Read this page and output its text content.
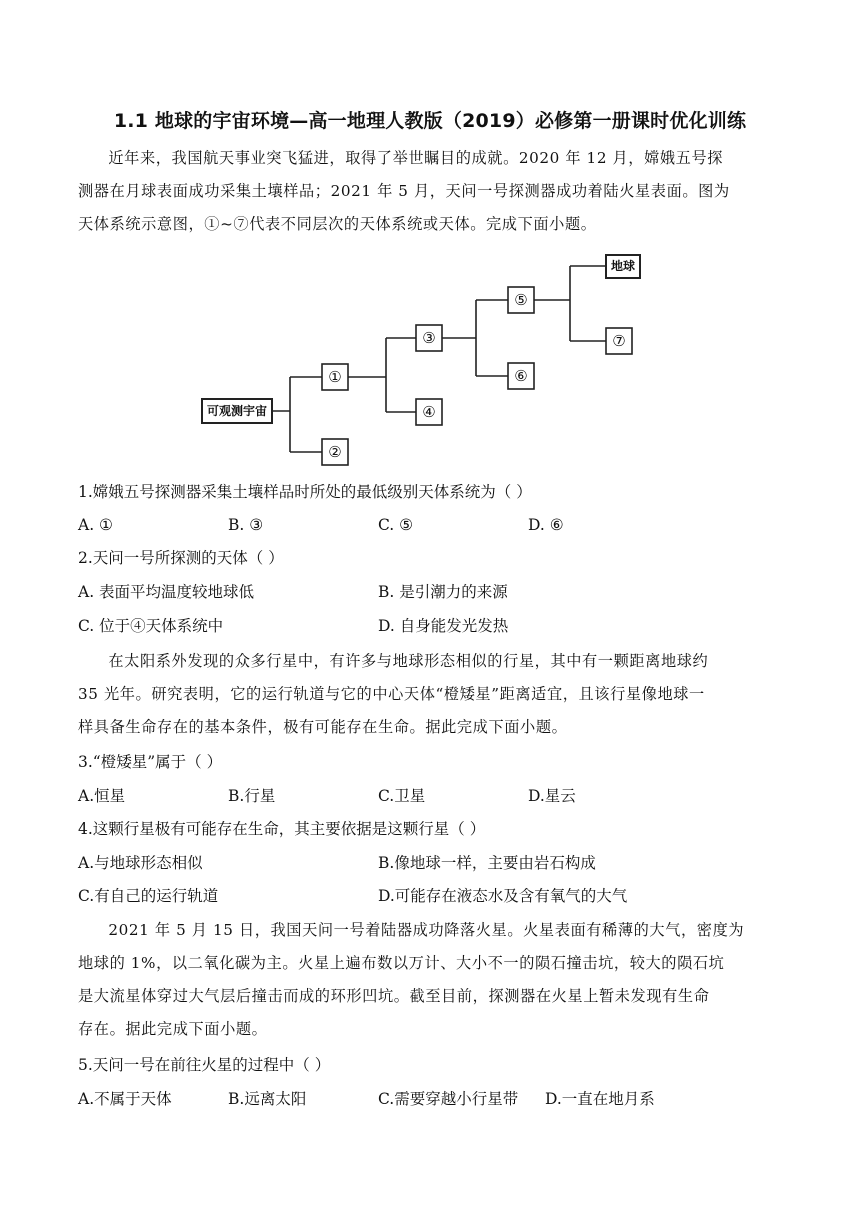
1.1 地球的宇宙环境—高一地理人教版（2019）必修第一册课时优化训练
近年来，我国航天事业突飞猛进，取得了举世瞩目的成就。2020 年 12 月，嫦娥五号探
测器在月球表面成功采集土壤样品；2021 年 5 月，天问一号探测器成功着陆火星表面。图为
天体系统示意图，①~⑦代表不同层次的天体系统或天体。完成下面小题。
可观测宇宙
①
②
③
④
⑤
⑥
地球
⑦
1.嫦娥五号探测器采集土壤样品时所处的最低级别天体系统为（ ）
A. ①	B. ③	C. ⑤	D. ⑥
2.天问一号所探测的天体（ ）
A. 表面平均温度较地球低	B. 是引潮力的来源
C. 位于④天体系统中	D. 自身能发光发热
在太阳系外发现的众多行星中，有许多与地球形态相似的行星，其中有一颗距离地球约
35 光年。研究表明，它的运行轨道与它的中心天体“橙矮星”距离适宜，且该行星像地球一
样具备生命存在的基本条件，极有可能存在生命。据此完成下面小题。
3.“橙矮星”属于（ ）
A.恒星	B.行星	C.卫星	D.星云
4.这颗行星极有可能存在生命，其主要依据是这颗行星（ ）
A.与地球形态相似	B.像地球一样，主要由岩石构成
C.有自己的运行轨道	D.可能存在液态水及含有氧气的大气
2021 年 5 月 15 日，我国天问一号着陆器成功降落火星。火星表面有稀薄的大气，密度为
地球的 1%，以二氧化碳为主。火星上遍布数以万计、大小不一的陨石撞击坑，较大的陨石坑
是大流星体穿过大气层后撞击而成的环形凹坑。截至目前，探测器在火星上暂未发现有生命
存在。据此完成下面小题。
5.天问一号在前往火星的过程中（ ）
A.不属于天体	B.远离太阳	C.需要穿越小行星带 D.一直在地月系
